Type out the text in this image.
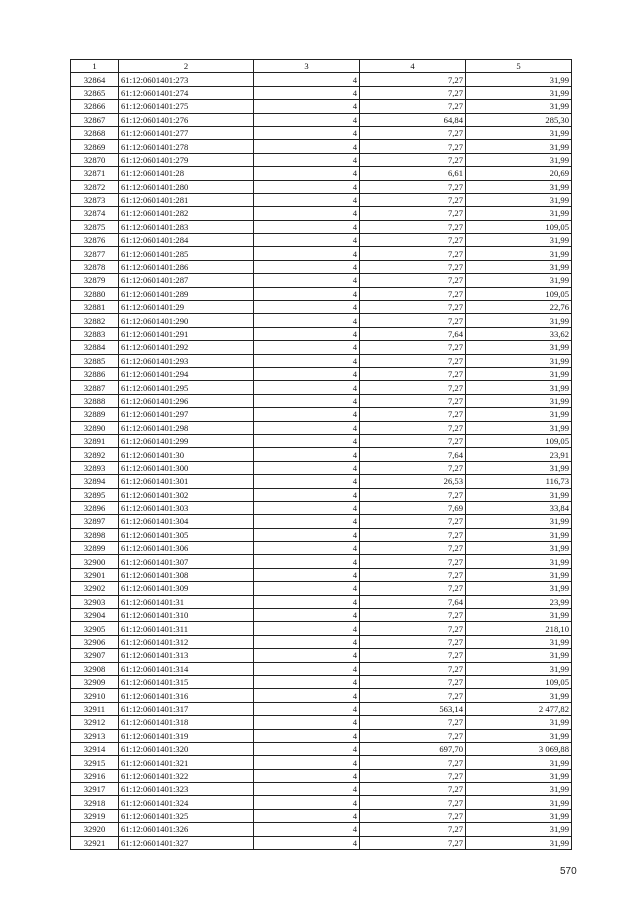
1	2	3	4	5
32864	61:12:0601401:273	4	7,27	31,99
32865	61:12:0601401:274	4	7,27	31,99
32866	61:12:0601401:275	4	7,27	31,99
32867	61:12:0601401:276	4	64,84	285,30
32868	61:12:0601401:277	4	7,27	31,99
32869	61:12:0601401:278	4	7,27	31,99
32870	61:12:0601401:279	4	7,27	31,99
32871	61:12:0601401:28	4	6,61	20,69
32872	61:12:0601401:280	4	7,27	31,99
32873	61:12:0601401:281	4	7,27	31,99
32874	61:12:0601401:282	4	7,27	31,99
32875	61:12:0601401:283	4	7,27	109,05
32876	61:12:0601401:284	4	7,27	31,99
32877	61:12:0601401:285	4	7,27	31,99
32878	61:12:0601401:286	4	7,27	31,99
32879	61:12:0601401:287	4	7,27	31,99
32880	61:12:0601401:289	4	7,27	109,05
32881	61:12:0601401:29	4	7,27	22,76
32882	61:12:0601401:290	4	7,27	31,99
32883	61:12:0601401:291	4	7,64	33,62
32884	61:12:0601401:292	4	7,27	31,99
32885	61:12:0601401:293	4	7,27	31,99
32886	61:12:0601401:294	4	7,27	31,99
32887	61:12:0601401:295	4	7,27	31,99
32888	61:12:0601401:296	4	7,27	31,99
32889	61:12:0601401:297	4	7,27	31,99
32890	61:12:0601401:298	4	7,27	31,99
32891	61:12:0601401:299	4	7,27	109,05
32892	61:12:0601401:30	4	7,64	23,91
32893	61:12:0601401:300	4	7,27	31,99
32894	61:12:0601401:301	4	26,53	116,73
32895	61:12:0601401:302	4	7,27	31,99
32896	61:12:0601401:303	4	7,69	33,84
32897	61:12:0601401:304	4	7,27	31,99
32898	61:12:0601401:305	4	7,27	31,99
32899	61:12:0601401:306	4	7,27	31,99
32900	61:12:0601401:307	4	7,27	31,99
32901	61:12:0601401:308	4	7,27	31,99
32902	61:12:0601401:309	4	7,27	31,99
32903	61:12:0601401:31	4	7,64	23,99
32904	61:12:0601401:310	4	7,27	31,99
32905	61:12:0601401:311	4	7,27	218,10
32906	61:12:0601401:312	4	7,27	31,99
32907	61:12:0601401:313	4	7,27	31,99
32908	61:12:0601401:314	4	7,27	31,99
32909	61:12:0601401:315	4	7,27	109,05
32910	61:12:0601401:316	4	7,27	31,99
32911	61:12:0601401:317	4	563,14	2 477,82
32912	61:12:0601401:318	4	7,27	31,99
32913	61:12:0601401:319	4	7,27	31,99
32914	61:12:0601401:320	4	697,70	3 069,88
32915	61:12:0601401:321	4	7,27	31,99
32916	61:12:0601401:322	4	7,27	31,99
32917	61:12:0601401:323	4	7,27	31,99
32918	61:12:0601401:324	4	7,27	31,99
32919	61:12:0601401:325	4	7,27	31,99
32920	61:12:0601401:326	4	7,27	31,99
32921	61:12:0601401:327	4	7,27	31,99
570
